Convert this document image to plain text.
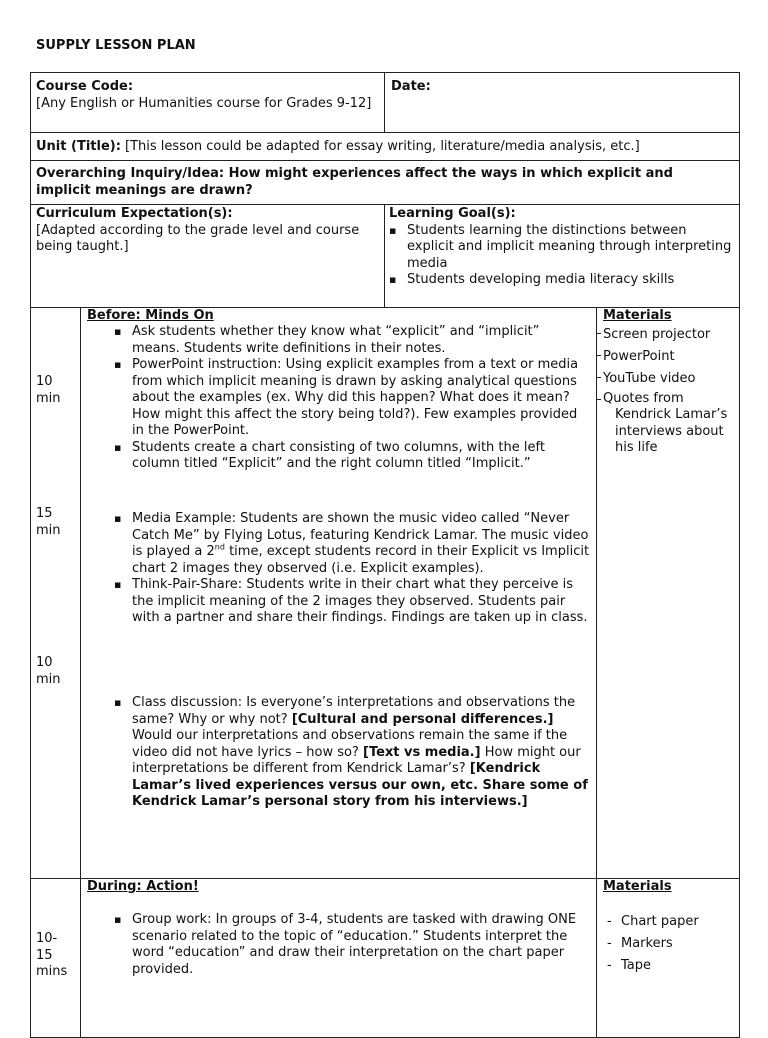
SUPPLY LESSON PLAN
Course Code:
[Any English or Humanities course for Grades 9-12]
Date:
Unit (Title): [This lesson could be adapted for essay writing, literature/media analysis, etc.]
Overarching Inquiry/Idea: How might experiences affect the ways in which explicit and implicit meanings are drawn?
Curriculum Expectation(s):
[Adapted according to the grade level and course being taught.]
Learning Goal(s):
▪ Students learning the distinctions between explicit and implicit meaning through interpreting media
▪ Students developing media literacy skills
10 min
15 min
10 min
Before: Minds On
▪ Ask students whether they know what “explicit” and “implicit” means. Students write definitions in their notes.
▪ PowerPoint instruction: Using explicit examples from a text or media from which implicit meaning is drawn by asking analytical questions about the examples (ex. Why did this happen? What does it mean? How might this affect the story being told?). Few examples provided in the PowerPoint.
▪ Students create a chart consisting of two columns, with the left column titled “Explicit” and the right column titled “Implicit.”
▪ Media Example: Students are shown the music video called “Never Catch Me” by Flying Lotus, featuring Kendrick Lamar. The music video is played a 2nd time, except students record in their Explicit vs Implicit chart 2 images they observed (i.e. Explicit examples).
▪ Think-Pair-Share: Students write in their chart what they perceive is the implicit meaning of the 2 images they observed. Students pair with a partner and share their findings. Findings are taken up in class.
▪ Class discussion: Is everyone’s interpretations and observations the same? Why or why not? [Cultural and personal differences.] Would our interpretations and observations remain the same if the video did not have lyrics – how so? [Text vs media.] How might our interpretations be different from Kendrick Lamar’s? [Kendrick Lamar’s lived experiences versus our own, etc. Share some of Kendrick Lamar’s personal story from his interviews.]
Materials
Screen projector
PowerPoint
YouTube video
Quotes from
Kendrick Lamar’s interviews about his life
10-15 mins
During: Action!
▪ Group work: In groups of 3-4, students are tasked with drawing ONE scenario related to the topic of “education.” Students interpret the word “education” and draw their interpretation on the chart paper provided.
Materials
- Chart paper
- Markers
- Tape
